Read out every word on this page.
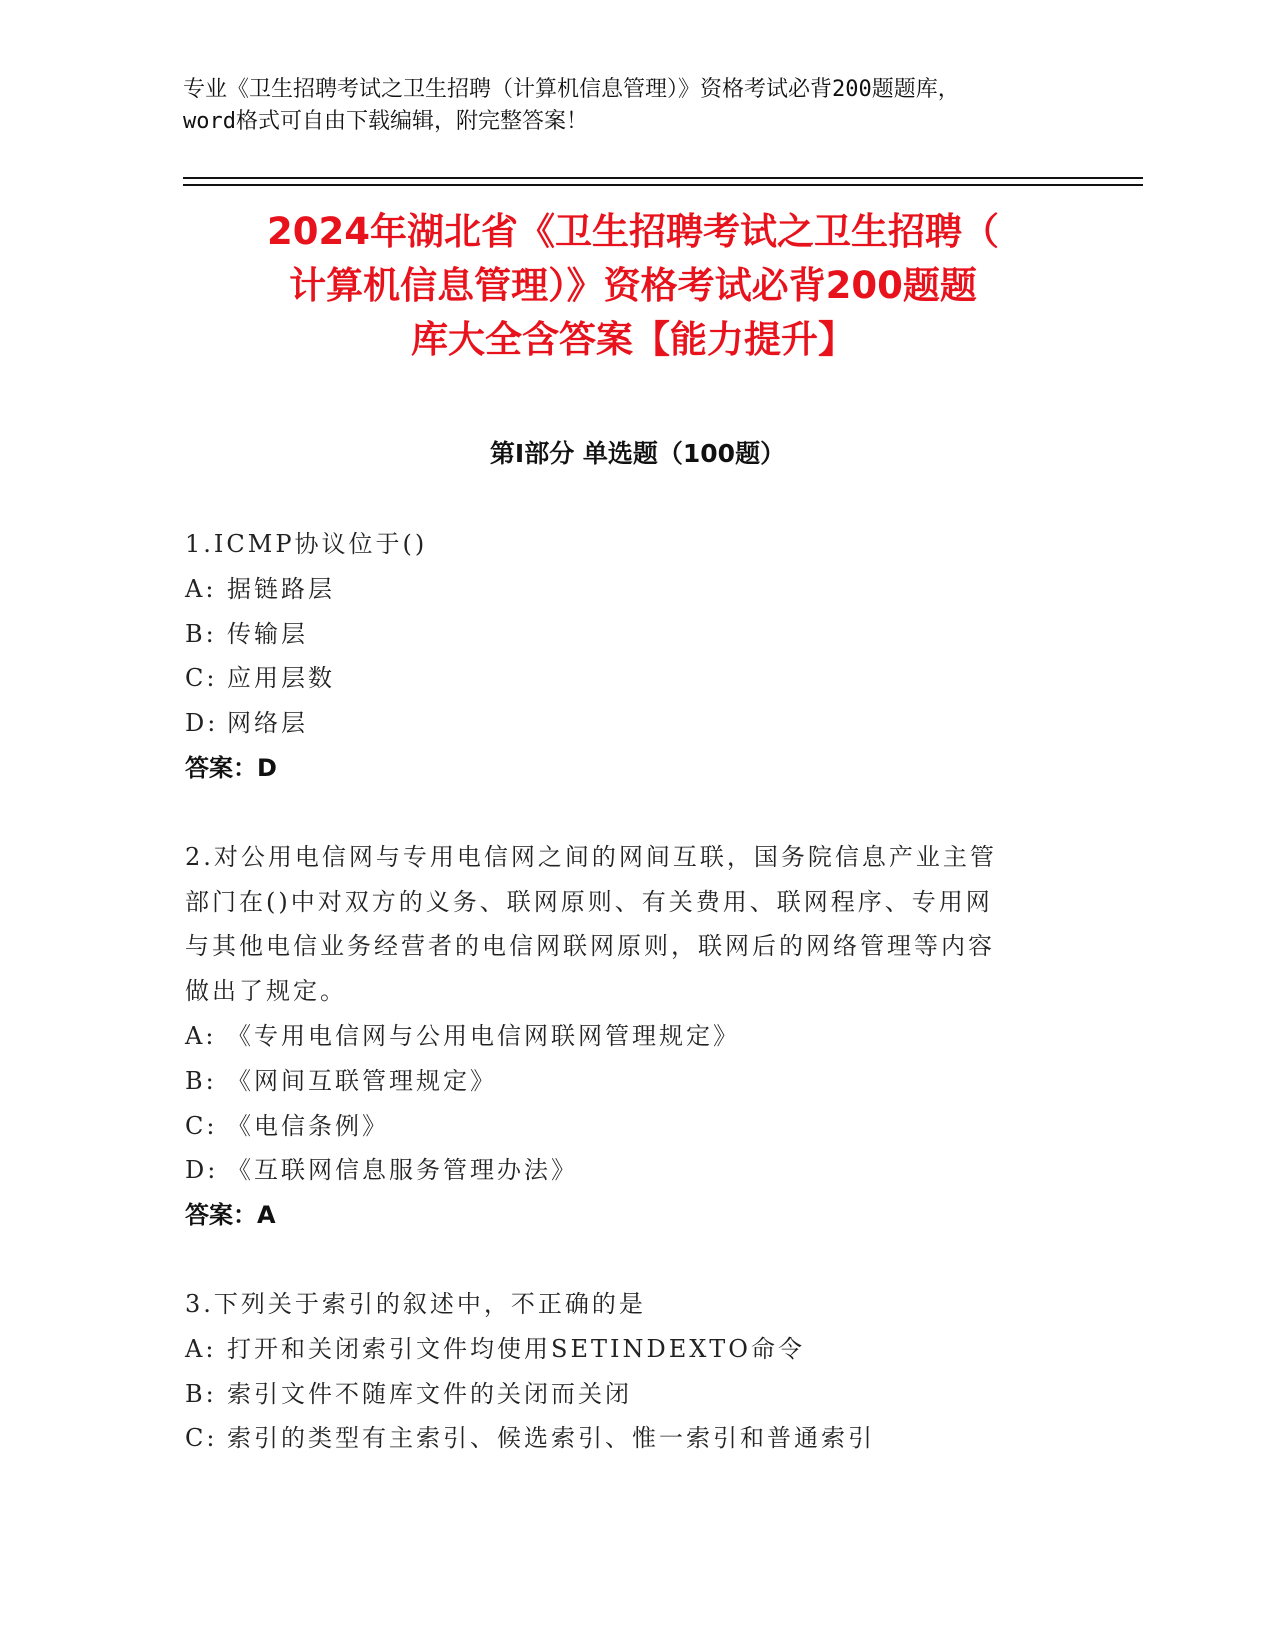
专业《卫生招聘考试之卫生招聘（计算机信息管理）》资格考试必背200题题库，
word格式可自由下载编辑，附完整答案！
2024年湖北省《卫生招聘考试之卫生招聘（
计算机信息管理）》资格考试必背200题题
库大全含答案【能力提升】
第Ⅰ部分 单选题（100题）
1.ICMP协议位于()
A: 据链路层
B: 传输层
C: 应用层数
D: 网络层
答案：D
2.对公用电信网与专用电信网之间的网间互联，国务院信息产业主管
部门在()中对双方的义务、联网原则、有关费用、联网程序、专用网
与其他电信业务经营者的电信网联网原则，联网后的网络管理等内容
做出了规定。
A: 《专用电信网与公用电信网联网管理规定》
B: 《网间互联管理规定》
C: 《电信条例》
D: 《互联网信息服务管理办法》
答案：A
3.下列关于索引的叙述中，不正确的是
A: 打开和关闭索引文件均使用SETINDEXTO命令
B: 索引文件不随库文件的关闭而关闭
C: 索引的类型有主索引、候选索引、惟一索引和普通索引
